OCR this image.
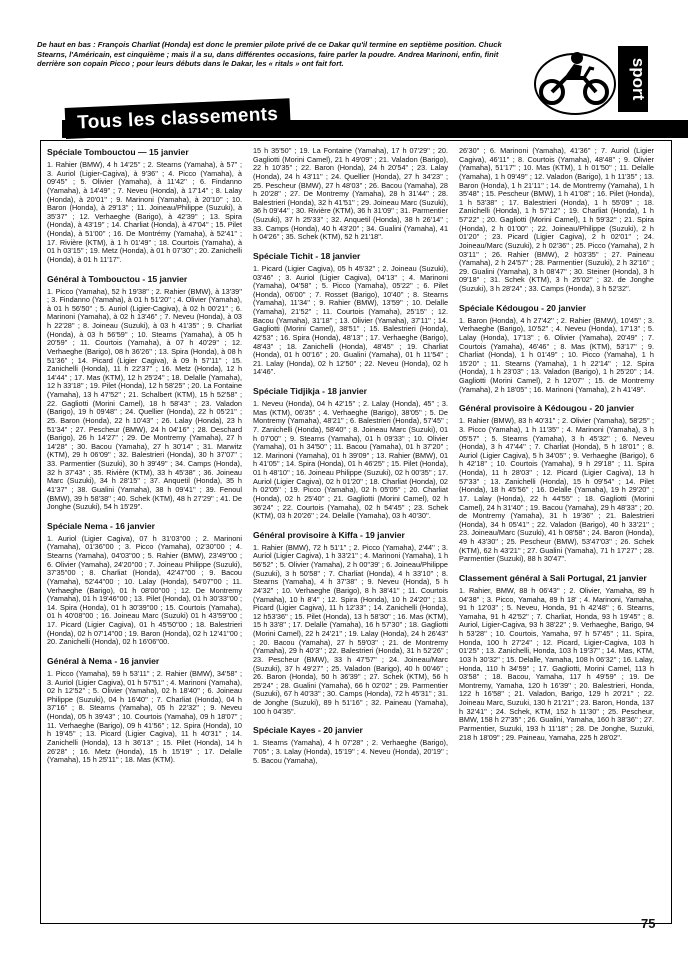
De haut en bas : François Charliat (Honda) est donc le premier pilote privé de ce Dakar qu'il termine en septième position. Chuck Stearns, l'Américain, est cinquième ; mais il a su, dans différentes occasions, faire parler la poudre. Andrea Marinoni, enfin, finit derrière son copain Picco ; pour leurs débuts dans le Dakar, les « ritals » ont fait fort.	sport
Tous les classements
Spéciale Tombouctou — 15 janvier

1. Rahier (BMW), 4 h 14'25'' ; 2. Stearns (Yamaha), à 57'' ; 3. Auriol (Ligier-Cagiva), à 9'36'' ; 4. Picco (Yamaha), à 09'45'' ; 5. Olivier (Yamaha), à 11'42'' ; 6. Findanno (Yamaha), à 14'49'' ; 7. Neveu (Honda), à 17'14'' ; 8. Lalay (Honda), à 20'01'' ; 9. Marinoni (Yamaha), à 20'10'' ; 10. Baron (Honda), à 29'13'' ; 11. Joineau/Philippe (Suzuki), à 35'37'' ; 12. Verhaeghe (Barigo), à 42'39'' ; 13. Spira (Honda), à 43'19'' ; 14. Charliat (Honda), à 47'04'' ; 15. Pilet (Honda), à 51'00'' ; 16. De Montrémy (Yamaha), à 52'41'' ; 17. Rivière (KTM), à 1 h 01'49'' ; 18. Courtois (Yamaha), à 01 h 03'15'' ; 19. Metz (Honda), à 01 h 07'30'' ; 20. Zanichelli (Honda), à 01 h 11'17''.

Général à Tombouctou - 15 janvier

1. Picco (Yamaha), 52 h 19'38'' ; 2. Rahier (BMW), à 13'39'' ; 3. Findanno (Yamaha), à 01 h 51'20'' ; 4. Olivier (Yamaha), à 01 h 56'50'' ; 5. Auriol (Ligier-Cagiva), à 02 h 00'21'' ; 6. Marinoni (Yamaha), à 02 h 13'46'' ; 7. Neveu (Honda), à 03 h 22'28'' ; 8. Joineau (Suzuki), à 03 h 41'35'' ; 9. Charliat (Honda), à 03 h 56'59'' ; 10. Stearns (Yamaha), à 05 h 20'59'' ; 11. Courtois (Yamaha), à 07 h 40'29'' ; 12. Verhaeghe (Barigo), 08 h 36'26'' ; 13. Spira (Honda), à 08 h 51'36'' ; 14. Picard (Ligier Cagiva), à 09 h 57'11'' ; 15. Zanichelli (Honda), 11 h 22'37'' ; 16. Metz (Honda), 12 h 14'44'' ; 17. Mas (KTM), 12 h 25'24'' ; 18. Delalle (Yamaha), 12 h 33'18'' ; 19. Pilet (Honda), 12 h 58'25'' ; 20. La Fontaine (Yamaha), 13 h 47'52'' ; 21. Schalbert (KTM), 15 h 52'58'' ; 22. Gagliotti (Morini Camel), 18 h 58'43'' ; 23. Valadon (Barigo), 19 h 09'48'' ; 24. Quellier (Honda), 22 h 05'21'' ; 25. Baron (Honda), 22 h 10'43'' ; 26. Lalay (Honda), 23 h 51'34'' ; 27. Pescheur (BMW), 24 h 04'16'' ; 28. Deschard (Barigo), 26 h 14'27'' ; 29. De Montremy (Yamaha), 27 h 14'28'' ; 30. Bacou (Yamaha), 27 h 30'14'' ; 31. Marwitz (KTM), 29 h 06'09'' ; 32. Balestrieri (Honda), 30 h 37'07'' ; 33. Parmentier (Suzuki), 30 h 39'49'' ; 34. Camps (Honda), 32 h 37'43'' ; 35. Rivière (KTM), 33 h 45'38'' ; 36. Joineau Marc (Suzuki), 34 h 28'15'' ; 37. Anquetil (Honda), 35 h 41'37'' ; 38. Gualini (Yamaha), 38 h 09'41'' ; 39. Fenoul (BMW), 39 h 58'38'' ; 40. Schek (KTM), 48 h 27'29'' ; 41. De Jonghe (Suzuki), 54 h 15'29''.

Spéciale Nema - 16 janvier

1. Auriol (Ligier Cagiva), 07 h 31'03''00 ; 2. Marinoni (Yamaha), 01'36''00 ; 3. Picco (Yamaha), 02'30''00 ; 4. Stearns (Yamaha), 04'03''00 ; 5. Rahier (BMW), 23'49''00 ; 6. Olivier (Yamaha), 24'20''00 ; 7. Joineau Philippe (Suzuki), 37'35''00 ; 8. Charliat (Honda), 42'47''00 ; 9. Bacou (Yamaha), 52'44''00 ; 10. Lalay (Honda), 54'07''00 ; 11. Verhaeghe (Barigo), 01 h 08'00''00 ; 12. De Montremy (Yamaha), 01 h 19'46''00 ; 13. Pilet (Honda), 01 h 30'33''00 ; 14. Spira (Honda), 01 h 30'39''00 ; 15. Courtois (Yamaha), 01 h 40'08''00 ; 16. Joineau Marc (Suzuki) 01 h 43'59''00 ; 17. Picard (Ligier Cagiva), 01 h 45'50''00 ; 18. Balestrieri (Honda), 02 h 07'14''00 ; 19. Baron (Honda), 02 h 12'41''00 ; 20. Zanichelli (Honda), 02 h 16'06''00.

Général à Nema - 16 janvier

1. Picco (Yamaha), 59 h 53'11'' ; 2. Rahier (BMW), 34'58'' ; 3. Auriol (Ligier Cagiva), 01 h 57'51'' ; 4. Marinoni (Yamaha), 02 h 12'52'' ; 5. Olivier (Yamaha), 02 h 18'40'' ; 6. Joineau Philippe (Suzuki), 04 h 16'40'' ; 7. Charliat (Honda), 04 h 37'16'' ; 8. Stearns (Yamaha), 05 h 22'32'' ; 9. Neveu (Honda), 05 h 39'43'' ; 10. Courtois (Yamaha), 09 h 18'07'' ; 11. Verhaeghe (Barigo), 09 h 41'56'' ; 12. Spira (Honda), 10 h 19'45'' ; 13. Picard (Ligier Cagiva), 11 h 40'31'' ; 14. Zanichelli (Honda), 13 h 36'13'' ; 15. Pilet (Honda), 14 h 26'28'' ; 16. Metz (Honda), 15 h 15'19'' ; 17. Delalle (Yamaha), 15 h 25'11'' ; 18. Mas (KTM).

15 h 35'50'' ; 19. La Fontaine (Yamaha), 17 h 07'29'' ; 20. Gagliotti (Morini Camel), 21 h 49'09'' ; 21. Valadon (Barigo), 22 h 10'35'' ; 22. Baron (Honda), 24 h 20'54'' ; 23. Lalay (Honda), 24 h 43'11'' ; 24. Quellier (Honda), 27 h 34'23'' ; 25. Pescheur (BMW), 27 h 48'03'' ; 26. Bacou (Yamaha), 28 h 20'28'' ; 27. De Montremy (Yamaha), 28 h 31'44'' ; 28. Balestrieri (Honda), 32 h 41'51'' ; 29. Joineau Marc (Suzuki), 36 h 09'44'' ; 30. Rivière (KTM), 36 h 31'09'' ; 31. Parmentier (Suzuki), 37 h 25'33'' ; 32. Anquetil (Honda), 38 h 26'14'' ; 33. Camps (Honda), 40 h 43'20'' ; 34. Gualini (Yamaha), 41 h 04'26'' ; 35. Schek (KTM), 52 h 21'18''.

Spéciale Tichit - 18 janvier

1. Picard (Ligier Cagiva), 05 h 45'32'' ; 2. Joineau (Suzuki), 03'46'' ; 3. Auriol (Ligier Cagiva), 04'13'' ; 4. Marinoni (Yamaha), 04'58'' ; 5. Picco (Yamaha), 05'22'' ; 6. Pilet (Honda), 06'00'' ; 7. Rosset (Barigo), 10'40'' ; 8. Stearns (Yamaha), 11'34'' ; 9. Rahier (BMW), 13'59'' ; 10. Delalle (Yamaha), 21'52'' ; 11. Courtois (Yamaha), 25'15'' ; 12. Bacou (Yamaha), 31'18'' ; 13. Olivier (Yamaha), 37'11'' ; 14. Gagliotti (Morini Camel), 38'51'' ; 15. Balestrieri (Honda), 42'53'' ; 16. Spira (Honda), 48'13'' ; 17. Verhaeghe (Barigo), 48'43'' ; 18. Zanichelli (Honda), 48'45'' ; 19. Charliat (Honda), 01 h 00'16'' ; 20. Gualini (Yamaha), 01 h 11'54'' ; 21. Lalay (Honda), 02 h 12'50'' ; 22. Neveu (Honda), 02 h 14'46''.

Spéciale Tidjikja - 18 janvier

1. Neveu (Honda), 04 h 42'15'' ; 2. Lalay (Honda), 45'' ; 3. Mas (KTM), 06'35'' ; 4. Verhaeghe (Barigo), 38'05'' ; 5. De Montremy (Yamaha), 48'21'' ; 6. Balestrieri (Honda), 57'45'' ; 7. Zanichelli (Honda), 58'40'' ; 8. Joineau Marc (Suzuki), 01 h 07'00'' ; 9. Stearns (Yamaha), 01 h 09'33'' ; 10. Olivier (Yamaha), 01 h 34'50'' ; 11. Bacou (Yamaha), 01 h 37'20'' ; 12. Marinoni (Yamaha), 01 h 39'09'' ; 13. Rahier (BMW), 01 h 41'05'' ; 14. Spira (Honda), 01 h 46'25'' ; 15. Pilet (Honda), 01 h 48'10'' ; 16. Joineau Philippe (Suzuki), 02 h 00'35'' ; 17. Auriol (Ligier Cagiva), 02 h 01'20'' ; 18. Charliat (Honda), 02 h 02'05'' ; 19. Picco (Yamaha), 02 h 05'05'' ; 20. Charliat (Honda), 02 h 25'40'' ; 21. Gagliotti (Morini Camel), 02 h 36'24'' ; 22. Courtois (Yamaha), 02 h 54'45'' ; 23. Schek (KTM), 03 h 20'26'' ; 24. Delalle (Yamaha), 03 h 40'30''.

Général provisoire à Kiffa - 19 janvier

1. Rahier (BMW), 72 h 51'1'' ; 2. Picco (Yamaha), 2'44'' ; 3. Auriol (Ligier Cagiva), 1 h 33'21'' ; 4. Marinoni (Yamaha), 1 h 56'52'' ; 5. Olivier (Yamaha), 2 h 00''39' ; 6. Joineau/Philippe (Suzuki), 3 h 50'58'' ; 7. Charliat (Honda), 4 h 33'10'' ; 8. Stearns (Yamaha), 4 h 37'38'' ; 9. Neveu (Honda), 5 h 24'32'' ; 10. Verhaeghe (Barigo), 8 h 38'41'' ; 11. Courtois (Yamaha), 10 h 8'4'' ; 12. Spira (Honda), 10 h 24'20'' ; 13. Picard (Ligier Cagiva), 11 h 12'33'' ; 14. Zanichelli (Honda), 12 h53'36'' ; 15. Pilet (Honda), 13 h 58'30'' ; 16. Mas (KTM), 15 h 33'8'' ; 17. Delalle (Yamaha), 16 h 57'30'' ; 18. Gagliotti (Morini Camel), 22 h 24'21'' ; 19. Lalay (Honda), 24 h 26'43'' ; 20. Bacou (Yamaha), 27 h 59'03'' ; 21. de Montremy (Yamaha), 29 h 40'3'' ; 22. Balestrieri (Honda), 31 h 52'26'' ; 23. Pescheur (BMW), 33 h 47'57'' ; 24. Joineau/Marc (Suzuki), 37 h 49'27'' ; 25. Valadon (Barigo), 40 h 00'46'' ; 26. Baron (Honda), 50 h 36'39'' ; 27. Schek (KTM), 56 h 25'24'' ; 28. Gualini (Yamaha), 66 h 02'02'' ; 29. Parmentier (Suzuki), 67 h 40'33'' ; 30. Camps (Honda), 72 h 45'31'' ; 31. de Jonghe (Suzuki), 89 h 51'16'' ; 32. Paineau (Yamaha), 100 h 04'35''.

Spéciale Kayes - 20 janvier

1. Stearns (Yamaha), 4 h 07'28'' ; 2. Verhaeghe (Barigo), 7'05'' ; 3. Lalay (Honda), 15'19'' ; 4. Neveu (Honda), 20'19'' ; 5. Bacou (Yamaha),

26'30'' ; 6. Marinoni (Yamaha), 41'36'' ; 7. Auriol (Ligier Cagiva), 46'11'' ; 8. Courtois (Yamaha), 48'48'' ; 9. Olivier (Yamaha), 51'17'' ; 10. Mas (KTM), 1 h 01'50'' ; 11. Delalle (Yamaha), 1 h 09'49'' ; 12. Valadon (Barigo), 1 h 11'35'' ; 13. Baron (Honda), 1 h 21'11'' ; 14. de Montremy (Yamaha), 1 h 35'48'' ; 15. Pescheur (BMW), 1 h 41'08'' ; 16. Pilet (Honda), 1 h 53'38'' ; 17. Balestrieri (Honda), 1 h 55'09'' ; 18. Zanichelli (Honda), 1 h 57'12'' ; 19. Charliat (Honda), 1 h 57'22'' ; 20. Gagliotti (Morini Camel), 1 h 59'32'' ; 21. Spira (Honda), 2 h 01'00'' ; 22. Joineau/Philippe (Suzuki), 2 h 01'20'' ; 23. Picard (Ligier Cagiva), 2 h 02'01'' ; 24. Joineau/Marc (Suzuki), 2 h 02'36'' ; 25. Picco (Yamaha), 2 h 03'11'' ; 26. Rahier (BMW), 2 h03'35'' ; 27. Paineau (Yamaha), 2 h 24'57'' ; 28. Parmentier (Suzuki), 2 h 32'16'' ; 29. Gualini (Yamaha), 3 h 08'47'' ; 30. Steiner (Honda), 3 h 09'18'' ; 31. Schek (KTM), 3 h 25'02'' ; 32. de Jonghe (Suzuki), 3 h 28'24'' ; 33. Camps (Honda), 3 h 52'32''.

Spéciale Kédougou - 20 janvier

1. Baron (Honda), 4 h 27'42'' ; 2. Rahier (BMW), 10'45'' ; 3. Verhaeghe (Barigo), 10'52'' ; 4. Neveu (Honda), 17'13'' ; 5. Lalay (Honda), 17'13'' ; 6. Olivier (Yamaha), 20'49'' ; 7. Courtois (Yamaha), 46'46'' ; 8. Mas (KTM), 53'17'' ; 9. Charliat (Honda), 1 h 01'49'' ; 10. Picco (Yamaha), 1 h 15'20'' ; 11. Stearns (Yamaha), 1 h 22'14'' ; 12. Spira (Honda), 1 h 23'03'' ; 13. Valadon (Barigo), 1 h 25'20'' ; 14. Gagliotti (Morini Camel), 2 h 12'07'' ; 15. de Montremy (Yamaha), 2 h 18'05'' ; 16. Marinoni (Yamaha), 2 h 41'49''.

Général provisoire à Kédougou - 20 janvier

1. Rahier (BMW), 83 h 40'31'' ; 2. Olivier (Yamaha), 58'25'' ; 3. Picco (Yamaha), 1 h 11'35'' ; 4. Marinoni (Yamaha), 3 h 05'57'' ; 5. Stearns (Yamaha), 3 h 45'32'' ; 6. Neveu (Honda), 3 h 47'44'' ; 7. Charliat (Honda), 5 h 18'01'' ; 8. Auriol (Ligier Cagiva), 5 h 34'05'' ; 9. Verhaeghe (Barigo), 6 h 42'18'' ; 10. Courtois (Yamaha), 9 h 29'18'' ; 11. Spira (Honda), 11 h 28'03'' ; 12. Picard (Ligier Cagiva), 13 h 57'33'' ; 13. Zanichelli (Honda), 15 h 09'54'' ; 14. Pilet (Honda), 18 h 45'56'' ; 16. Delalle (Yamaha), 19 h 29'20'' ; 17. Lalay (Honda), 22 h 44'55'' ; 18. Gagliotti (Morini Camel), 24 h 31'40'' ; 19. Bacou (Yamaha), 29 h 48'33'' ; 20. de Montremy (Yamaha), 31 h 19'36'' ; 21. Balestrieri (Honda), 34 h 05'41'' ; 22. Valadon (Barigo), 40 h 33'21'' ; 23. Joineau/Marc (Suzuki), 41 h 08'58'' ; 24. Baron (Honda), 49 h 43'30'' ; 25. Pescheur (BMW), 53'47'03'' ; 26. Schek (KTM), 62 h 43'21'' ; 27. Gualini (Yamaha), 71 h 17'27'' ; 28. Parmentier (Suzuki), 88 h 30'47''.

Classement général à Sali Portugal, 21 janvier

1. Rahier, BMW, 88 h 06'43'' ; 2. Olivier, Yamaha, 89 h 04'38'' ; 3. Picco, Yamaha, 89 h 18' ; 4. Marinoni, Yamaha, 91 h 12'03'' ; 5. Neveu, Honda, 91 h 42'48'' ; 6. Stearns, Yamaha, 91 h 42'52'' ; 7. Charliat, Honda, 93 h 19'45'' ; 8. Auriol, Ligier-Cagiva, 93 h 38'22'' ; 9. Verhaeghe, Barigo, 94 h 53'28'' ; 10. Courtois, Yamaha, 97 h 57'45'' ; 11. Spira, Honda, 100 h 27'24'' ; 12. Picard, Ligier-Cagiva, 103 h 01'25'' ; 13. Zanichelli, Honda, 103 h 19'37'' ; 14. Mas, KTM, 103 h 30'32'' ; 15. Delalle, Yamaha, 108 h 06'32'' ; 16. Lalay, Honda, 110 h 34'59'' ; 17. Gagliotti, Morini Camel, 113 h 03'58'' ; 18. Bacou, Yamaha, 117 h 49'59'' ; 19. De Montremy, Yamaha, 120 h 16'39'' ; 20. Balestrieri, Honda, 122 h 16'58'' ; 21. Valadon, Barigo, 129 h 20'21'' ; 22. Joineau Marc, Suzuki, 130 h 21'21'' ; 23. Baron, Honda, 137 h 32'41'' ; 24. Schek, KTM, 152 h 11'30'' ; 25. Pescheur, BMW, 158 h 27'35'' ; 26. Gualini, Yamaha, 160 h 38'36'' ; 27. Parmentier, Suzuki, 193 h 11'18'' ; 28. De Jonghe, Suzuki, 218 h 18'09'' ; 29. Paineau, Yamaha, 225 h 28'02''.

75
